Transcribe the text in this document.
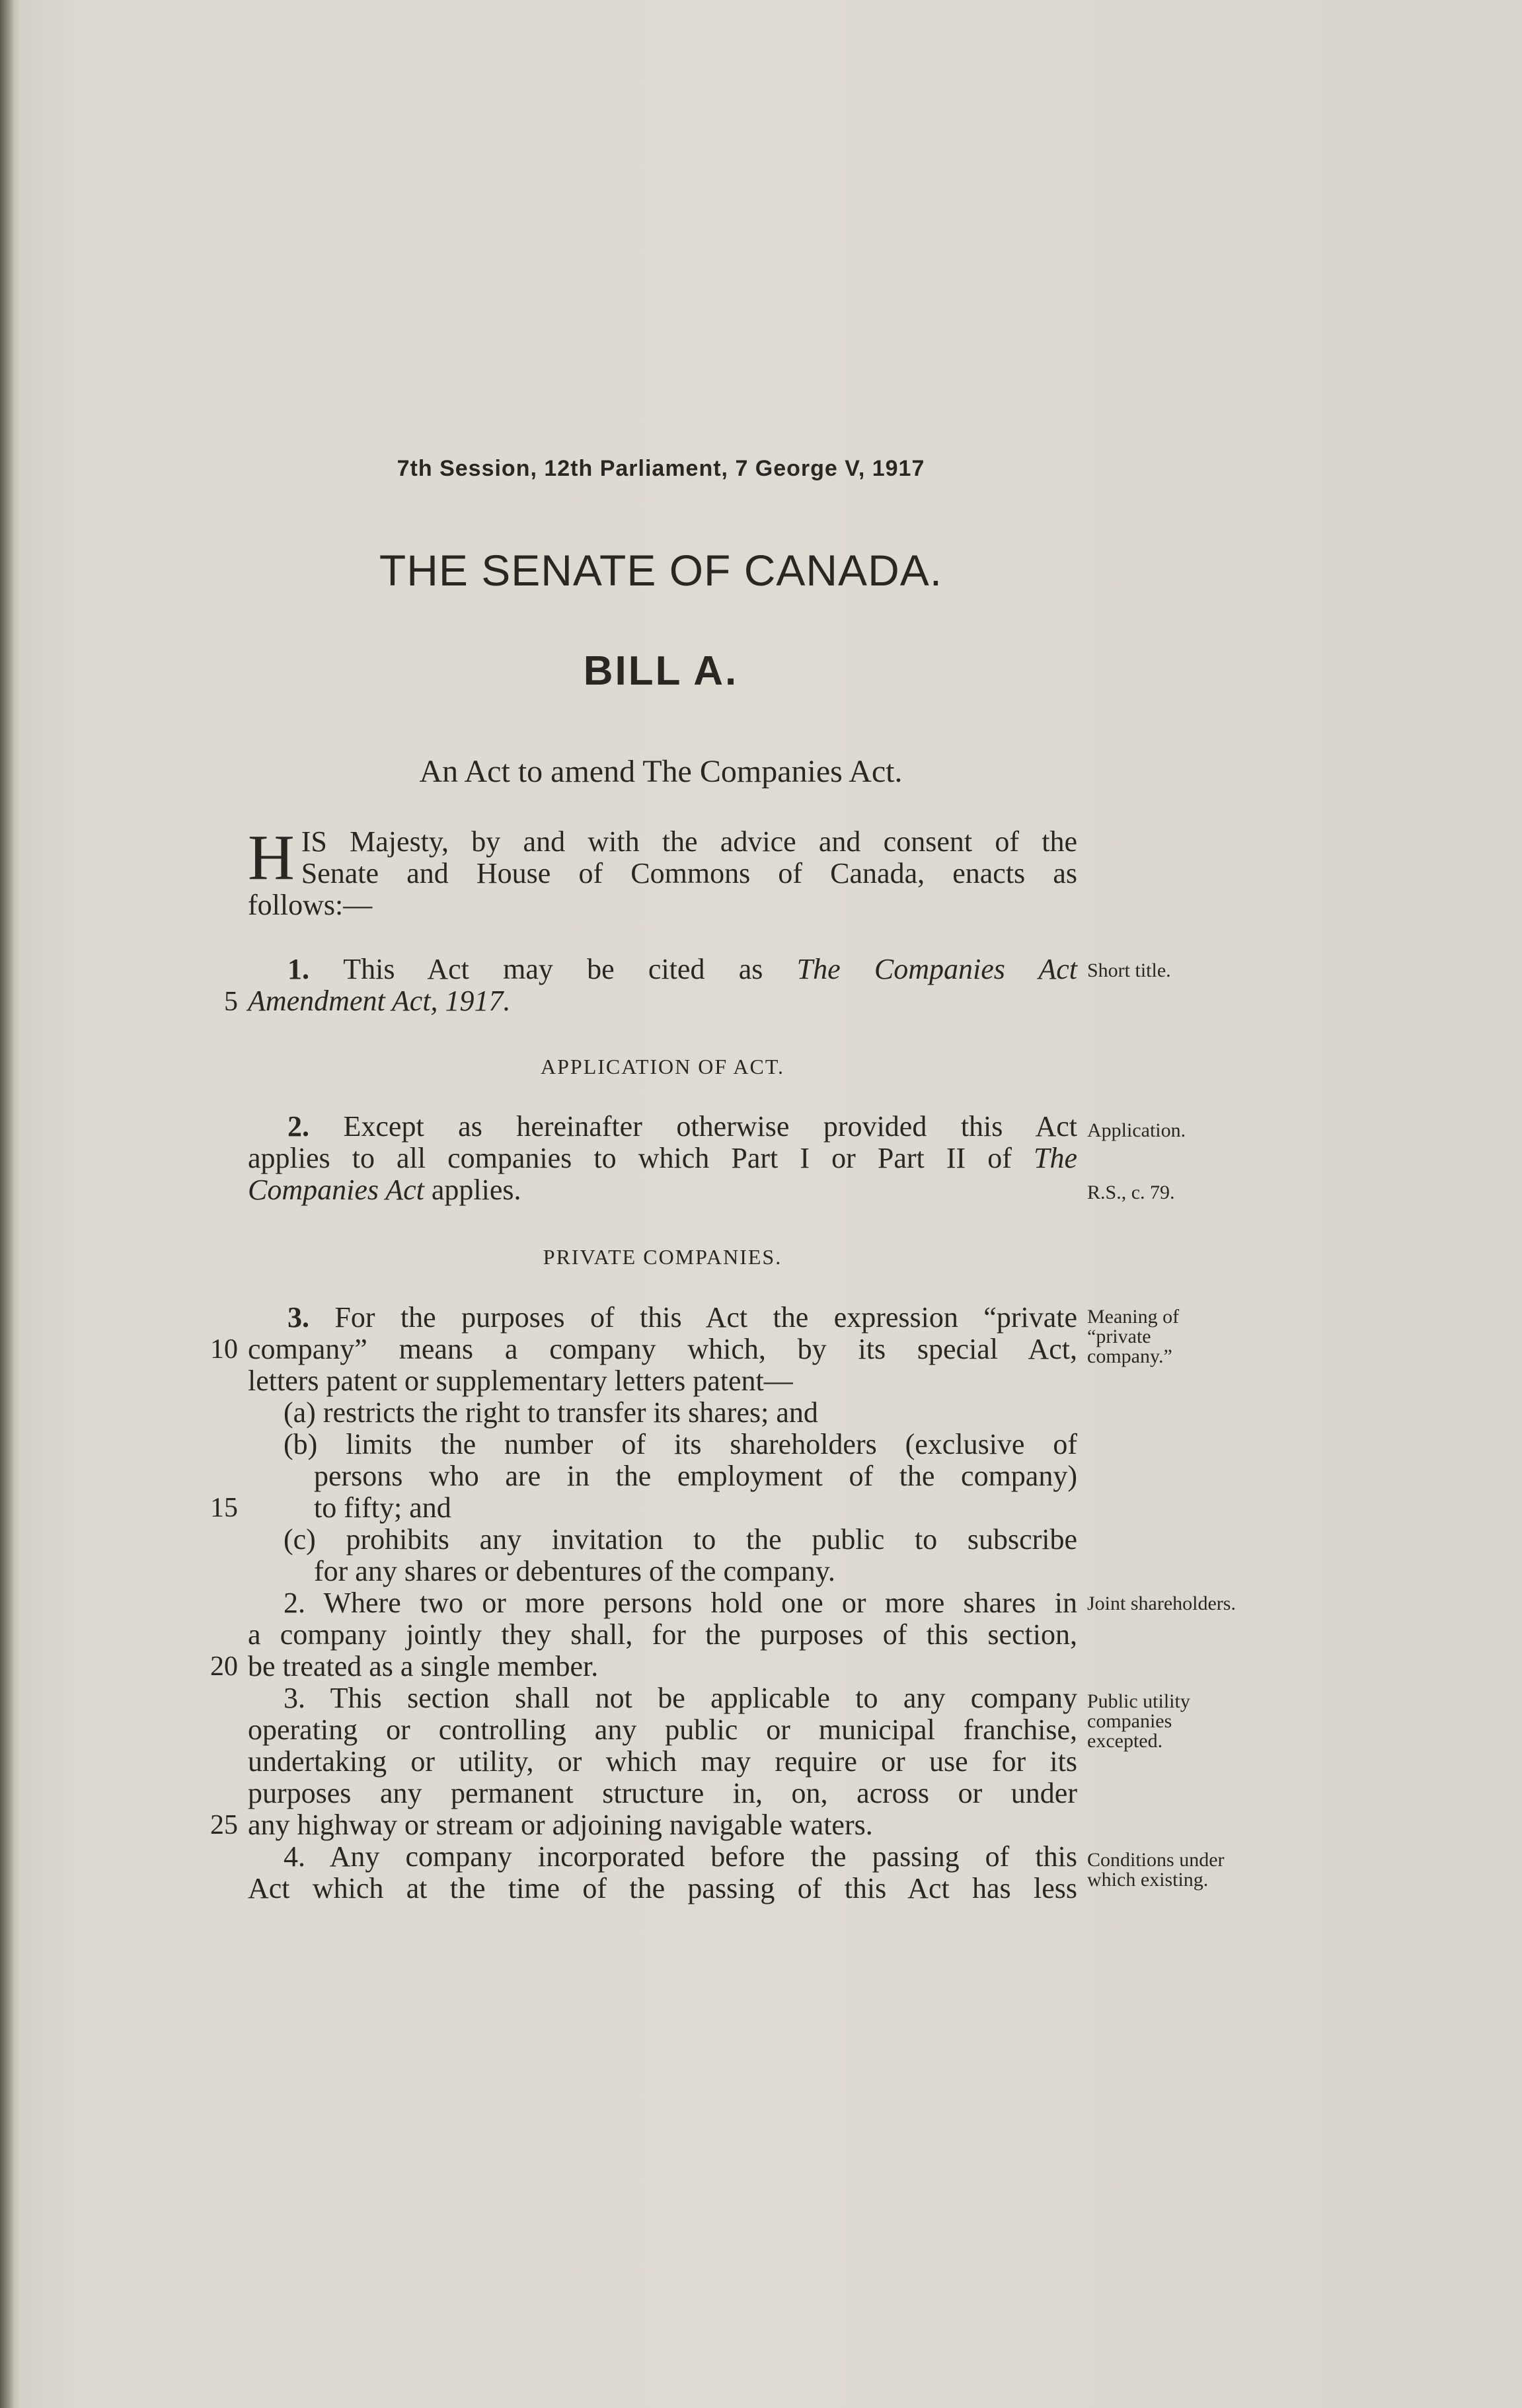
7th Session, 12th Parliament, 7 George V, 1917
THE SENATE OF CANADA.
BILL A.
An Act to amend The Companies Act.
H IS Majesty, by and with the advice and consent of the
Senate and House of Commons of Canada, enacts as
follows:—
1. This Act may be cited as The Companies Act
Amendment Act, 1917.
5
Short title.
APPLICATION OF ACT.
2. Except as hereinafter otherwise provided this Act
applies to all companies to which Part I or Part II of The
Companies Act applies.
Application.
R.S., c. 79.
PRIVATE COMPANIES.
3. For the purposes of this Act the expression “private
company” means a company which, by its special Act,
letters patent or supplementary letters patent—
(a) restricts the right to transfer its shares; and
(b) limits the number of its shareholders (exclusive of
persons who are in the employment of the company)
to fifty; and
(c) prohibits any invitation to the public to subscribe
for any shares or debentures of the company.
2. Where two or more persons hold one or more shares in
a company jointly they shall, for the purposes of this section,
be treated as a single member.
3. This section shall not be applicable to any company
operating or controlling any public or municipal franchise,
undertaking or utility, or which may require or use for its
purposes any permanent structure in, on, across or under
any highway or stream or adjoining navigable waters.
4. Any company incorporated before the passing of this
Act which at the time of the passing of this Act has less
10
15
20
25
Meaning of “private company.”
Joint shareholders.
Public utility companies excepted.
Conditions under which existing.
